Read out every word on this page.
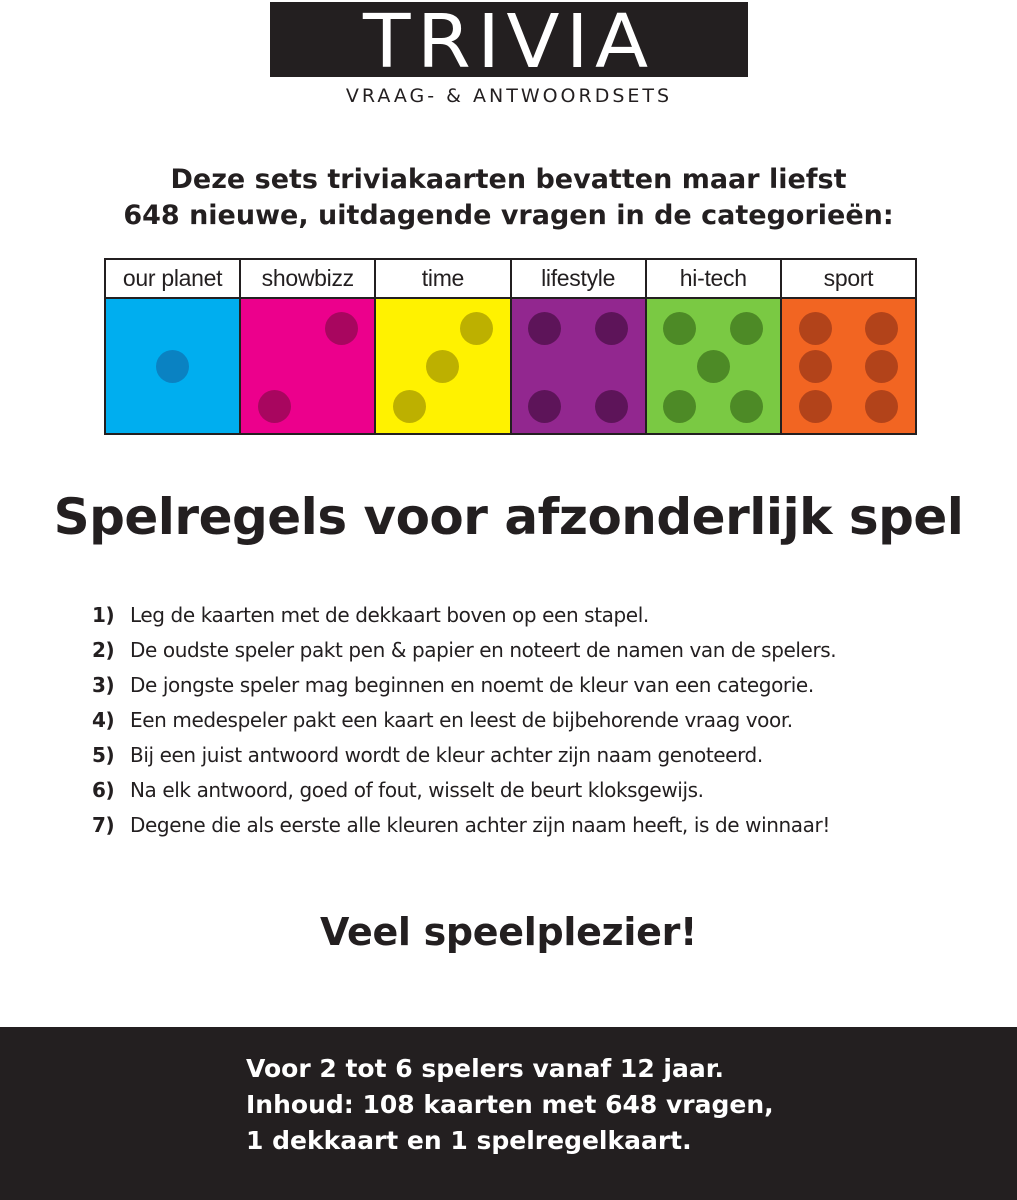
TRIVIA
VRAAG- & ANTWOORDSETS
Deze sets triviakaarten bevatten maar liefst
648 nieuwe, uitdagende vragen in de categorieën:
our planet	showbizz	time	lifestyle	hi-tech	sport
Spelregels voor afzonderlijk spel
1) Leg de kaarten met de dekkaart boven op een stapel.
2) De oudste speler pakt pen & papier en noteert de namen van de spelers.
3) De jongste speler mag beginnen en noemt de kleur van een categorie.
4) Een medespeler pakt een kaart en leest de bijbehorende vraag voor.
5) Bij een juist antwoord wordt de kleur achter zijn naam genoteerd.
6) Na elk antwoord, goed of fout, wisselt de beurt kloksgewijs.
7) Degene die als eerste alle kleuren achter zijn naam heeft, is de winnaar!
Veel speelplezier!
Voor 2 tot 6 spelers vanaf 12 jaar.
Inhoud: 108 kaarten met 648 vragen,
1 dekkaart en 1 spelregelkaart.
